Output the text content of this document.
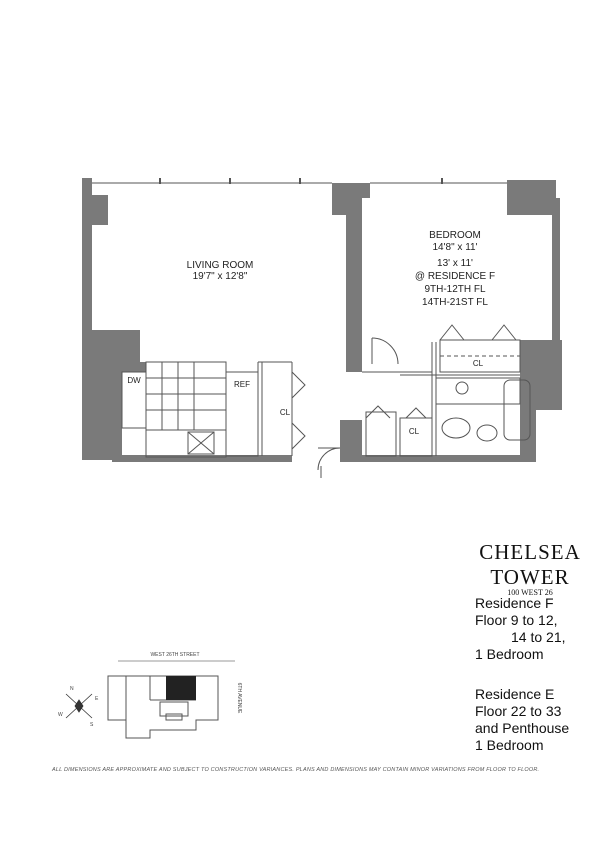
LIVING ROOM
19'7" x 12'8"
BEDROOM
14'8" x 11'
13' x 11'
@ RESIDENCE F
9TH-12TH FL
14TH-21ST FL
CL
CL
CL
DW	REF
WEST 26TH STREET
6TH AVENUE
N
E
S
W
CHELSEA TOWER
100 WEST 26
Residence F
Floor 9 to 12,
14 to 21,
1 Bedroom
Residence E
Floor 22 to 33
and Penthouse
1 Bedroom
ALL DIMENSIONS ARE APPROXIMATE AND SUBJECT TO CONSTRUCTION VARIANCES. PLANS AND DIMENSIONS MAY CONTAIN MINOR VARIATIONS FROM FLOOR TO FLOOR.
